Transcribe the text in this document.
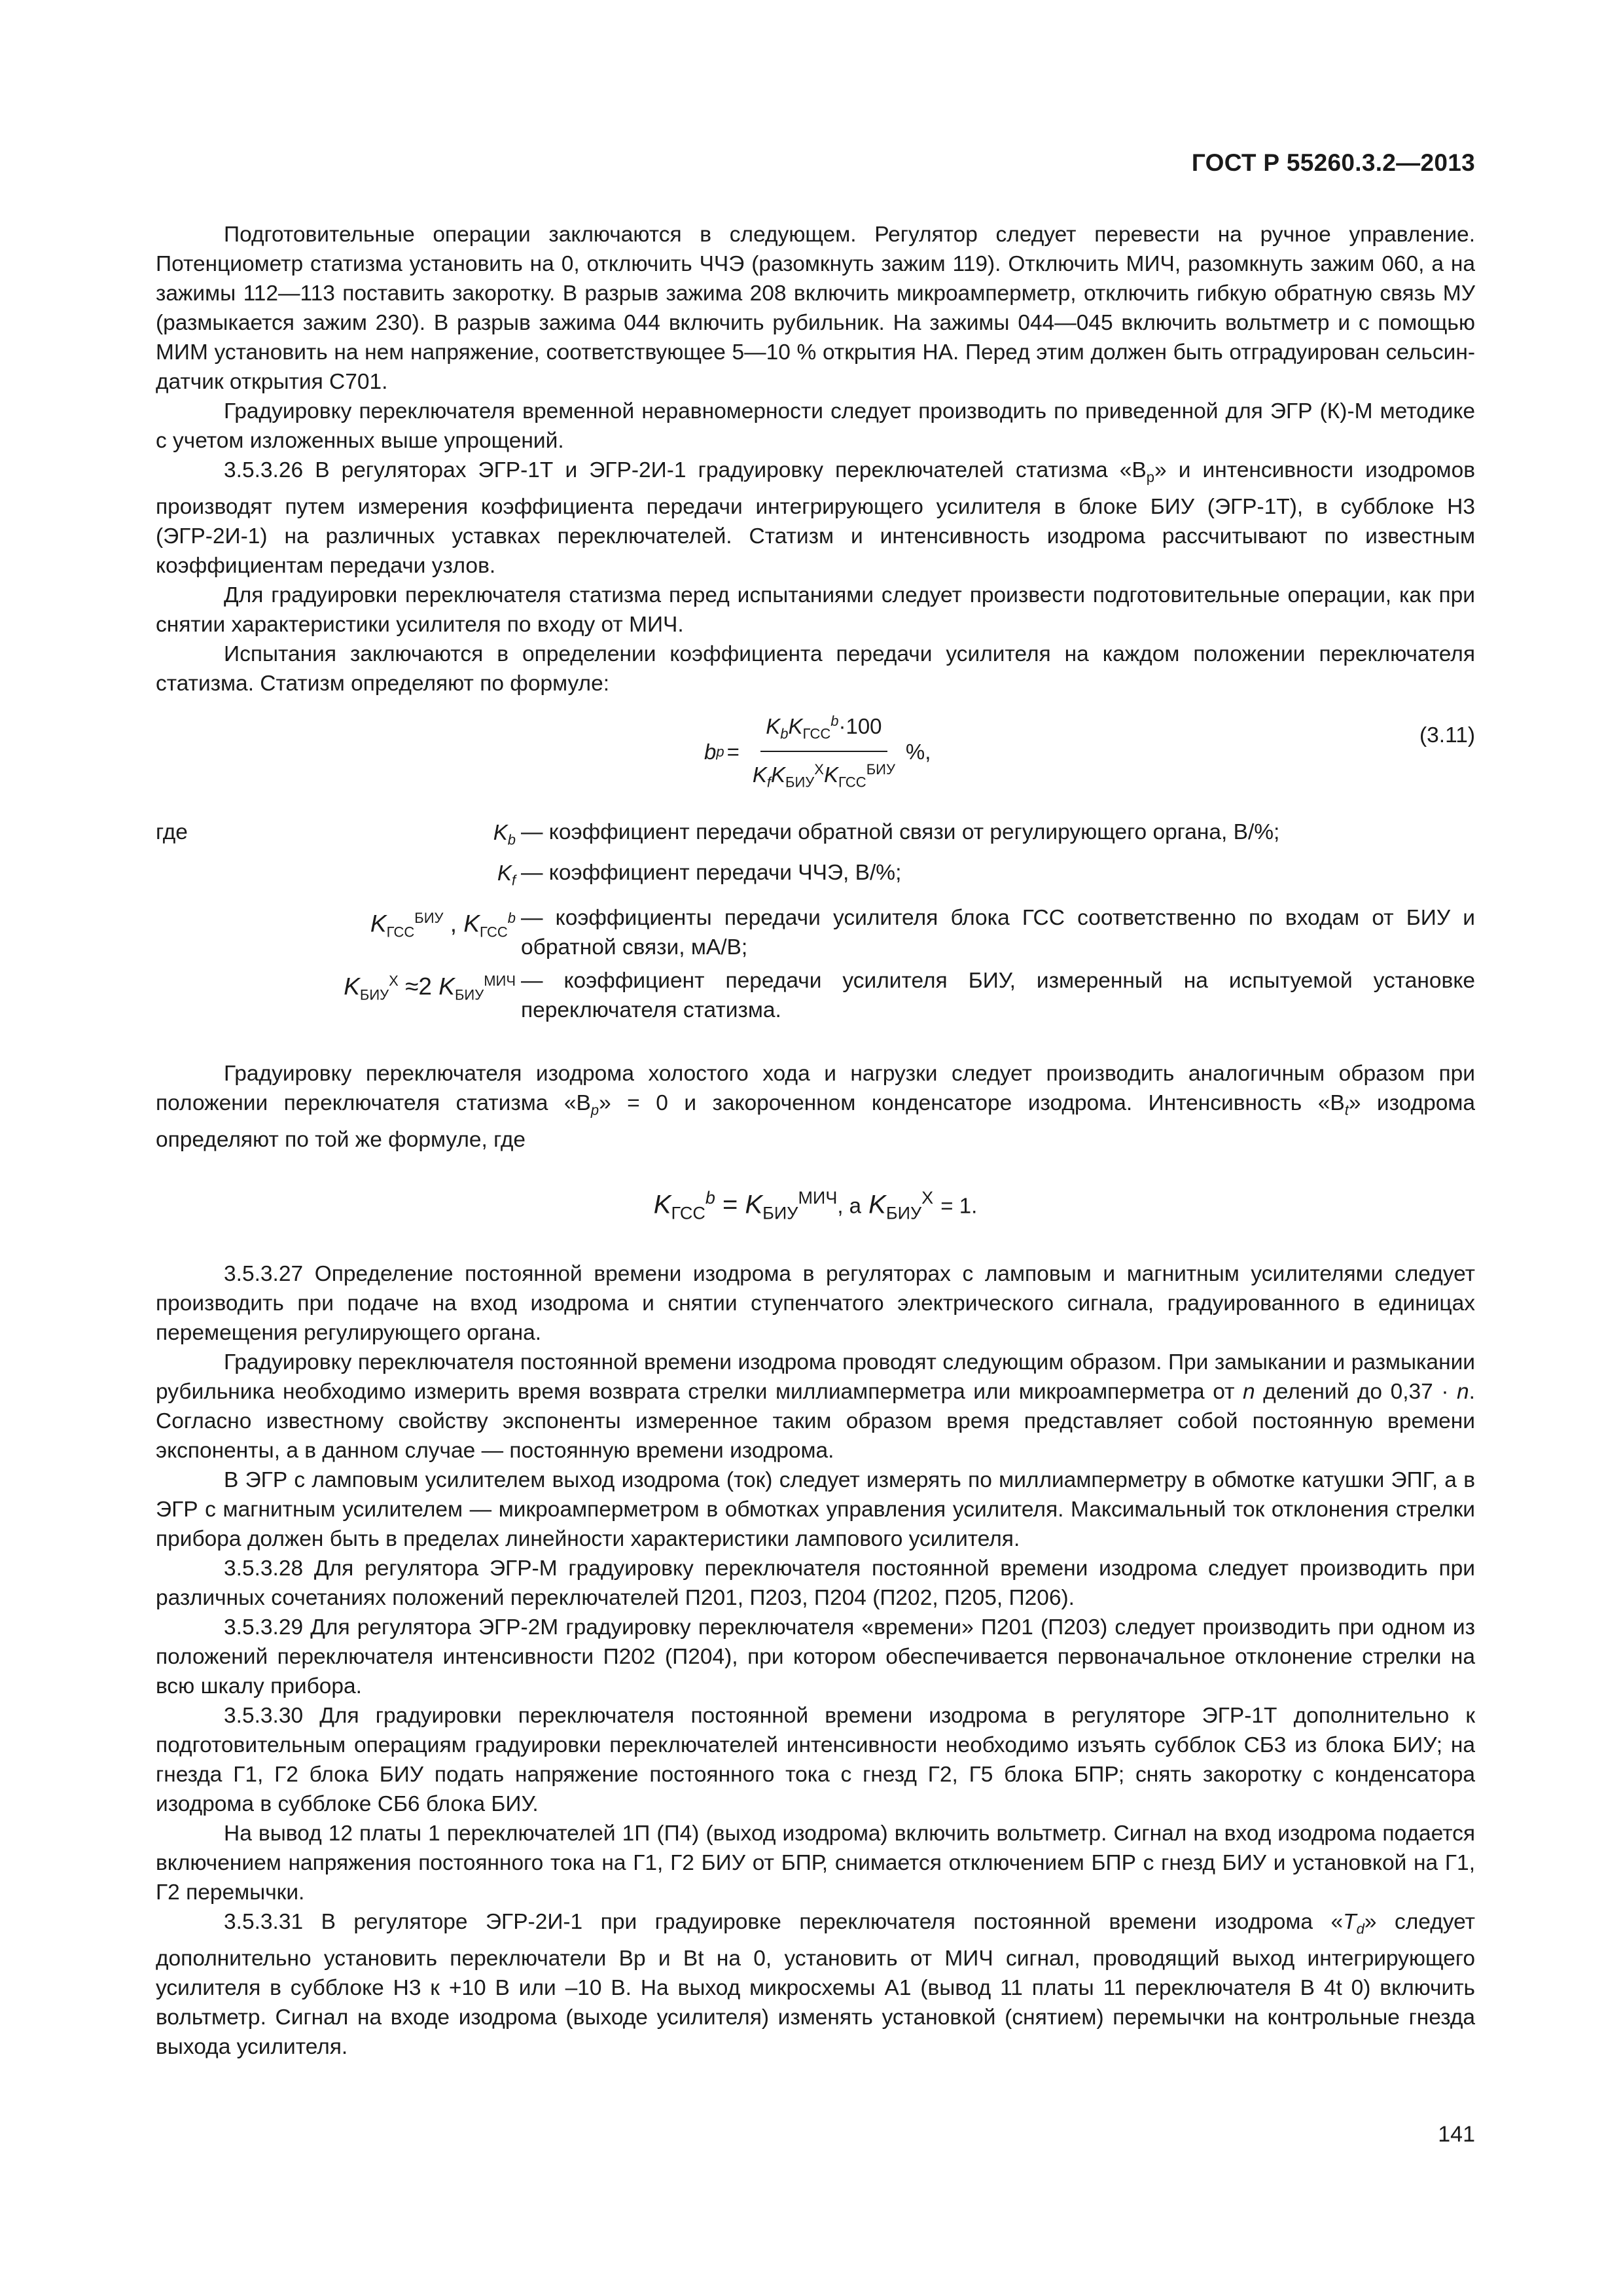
ГОСТ Р 55260.3.2—2013

Подготовительные операции заключаются в следующем. Регулятор следует перевести на ручное управление. Потенциометр статизма установить на 0, отключить ЧЧЭ (разомкнуть зажим 119). Отключить МИЧ, разомкнуть зажим 060, а на зажимы 112—113 поставить закоротку. В разрыв зажима 208 включить микроамперметр, отключить гибкую обратную связь МУ (размыкается зажим 230). В разрыв зажима 044 включить рубильник. На зажимы 044—045 включить вольтметр и с помощью МИМ установить на нем напряжение, соответствующее 5—10 % открытия НА. Перед этим должен быть отградуирован сельсин-датчик открытия С701.

Градуировку переключателя временной неравномерности следует производить по приведенной для ЭГР (К)-М методике с учетом изложенных выше упрощений.

3.5.3.26 В регуляторах ЭГР-1Т и ЭГР-2И-1 градуировку переключателей статизма «$В_р$» и интенсивности изодромов производят путем измерения коэффициента передачи интегрирующего усилителя в блоке БИУ (ЭГР-1Т), в субблоке Н3 (ЭГР-2И-1) на различных уставках переключателей. Статизм и интенсивность изодрома рассчитывают по известным коэффициентам передачи узлов.

Для градуировки переключателя статизма перед испытаниями следует произвести подготовительные операции, как при снятии характеристики усилителя по входу от МИЧ.

Испытания заключаются в определении коэффициента передачи усилителя на каждом положении переключателя статизма. Статизм определяют по формуле:

b $p = \frac{K_bK_{ГСС}^b\cdot 100}{K_fK_{БИУ}^ХK_{ГСС}^{БИУ}}$ %,
(3.11)
где	$K_b$ — коэффициент передачи обратной связи от регулирующего органа, В/%;
$K_f$ — коэффициент передачи ЧЧЭ, В/%;
$K_{ГСС}^{БИУ}$ , $K_{ГСС}^b$ — коэффициенты передачи усилителя блока ГСС соответственно по входам от БИУ и обратной связи, мА/В;
$K_{БИУ}^Х \approx 2$ $K_{БИУ}^{МИЧ}$ — коэффициент передачи усилителя БИУ, измеренный на испытуемой установке переключателя статизма.

Градуировку переключателя изодрома холостого хода и нагрузки следует производить аналогичным образом при положении переключателя статизма «$В_р$» = 0 и закороченном конденсаторе изодрома. Интенсивность «$В_t$» изодрома определяют по той же формуле, где

$K_{ГСС}^b = K_{БИУ}^{МИЧ}$, а $K_{БИУ}^Х = 1$.

3.5.3.27 Определение постоянной времени изодрома в регуляторах с ламповым и магнитным усилителями следует производить при подаче на вход изодрома и снятии ступенчатого электрического сигнала, градуированного в единицах перемещения регулирующего органа.

Градуировку переключателя постоянной времени изодрома проводят следующим образом. При замыкании и размыкании рубильника необходимо измерить время возврата стрелки миллиамперметра или микроамперметра от n делений до 0,37 · n. Согласно известному свойству экспоненты измеренное таким образом время представляет собой постоянную времени экспоненты, а в данном случае — постоянную времени изодрома.

В ЭГР с ламповым усилителем выход изодрома (ток) следует измерять по миллиамперметру в обмотке катушки ЭПГ, а в ЭГР с магнитным усилителем — микроамперметром в обмотках управления усилителя. Максимальный ток отклонения стрелки прибора должен быть в пределах линейности характеристики лампового усилителя.

3.5.3.28 Для регулятора ЭГР-М градуировку переключателя постоянной времени изодрома следует производить при различных сочетаниях положений переключателей П201, П203, П204 (П202, П205, П206).

3.5.3.29 Для регулятора ЭГР-2М градуировку переключателя «времени» П201 (П203) следует производить при одном из положений переключателя интенсивности П202 (П204), при котором обеспечивается первоначальное отклонение стрелки на всю шкалу прибора.

3.5.3.30 Для градуировки переключателя постоянной времени изодрома в регуляторе ЭГР-1Т дополнительно к подготовительным операциям градуировки переключателей интенсивности необходимо изъять субблок СБ3 из блока БИУ; на гнезда Г1, Г2 блока БИУ подать напряжение постоянного тока с гнезд Г2, Г5 блока БПР; снять закоротку с конденсатора изодрома в субблоке СБ6 блока БИУ.

На вывод 12 платы 1 переключателей 1П (П4) (выход изодрома) включить вольтметр. Сигнал на вход изодрома подается включением напряжения постоянного тока на Г1, Г2 БИУ от БПР, снимается отключением БПР с гнезд БИУ и установкой на Г1, Г2 перемычки.

3.5.3.31 В регуляторе ЭГР-2И-1 при градуировке переключателя постоянной времени изодрома «$T_d$» следует дополнительно установить переключатели Вр и Bt на 0, установить от МИЧ сигнал, проводящий выход интегрирующего усилителя в субблоке Н3 к +10 В или –10 В. На выход микросхемы А1 (вывод 11 платы 11 переключателя В 4t 0) включить вольтметр. Сигнал на входе изодрома (выходе усилителя) изменять установкой (снятием) перемычки на контрольные гнезда выхода усилителя.

141
